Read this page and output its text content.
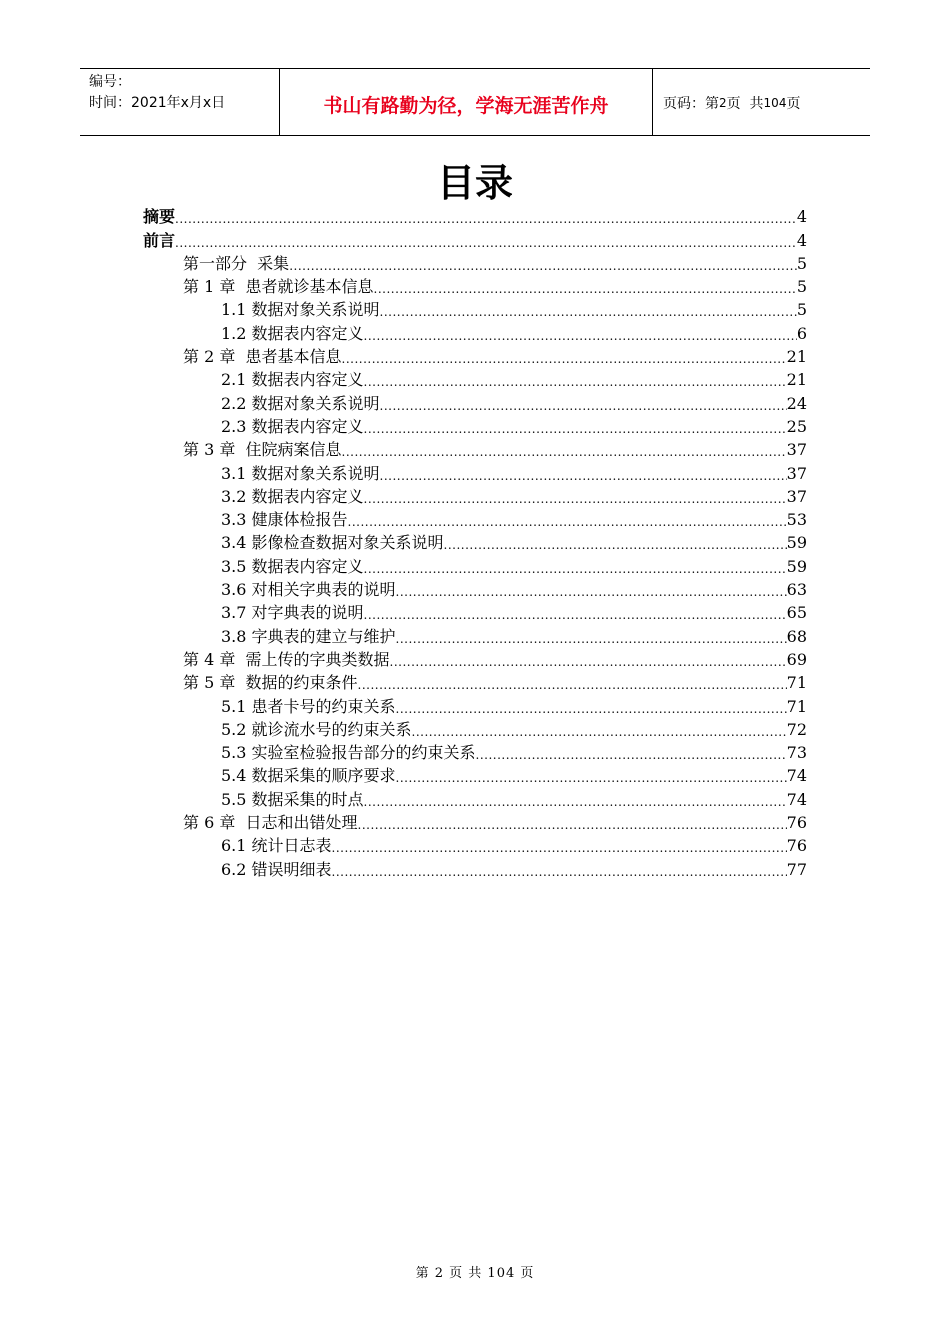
编号：
时间：2021年x月x日	书山有路勤为径，学海无涯苦作舟	页码：第 2 页  共 104 页
目录
摘要 .....	4
前言 .....	4
第一部分  采集 .....	5
第 1 章  患者就诊基本信息 .....	5
1.1 数据对象关系说明 .....	5
1.2 数据表内容定义 .....	6
第 2 章  患者基本信息 .....	21
2.1 数据表内容定义 .....	21
2.2 数据对象关系说明 .....	24
2.3 数据表内容定义 .....	25
第 3 章  住院病案信息 .....	37
3.1 数据对象关系说明 .....	37
3.2 数据表内容定义 .....	37
3.3 健康体检报告 .....	53
3.4 影像检查数据对象关系说明 .....	59
3.5 数据表内容定义 .....	59
3.6 对相关字典表的说明 .....	63
3.7 对字典表的说明 .....	65
3.8 字典表的建立与维护 .....	68
第 4 章  需上传的字典类数据 .....	69
第 5 章  数据的约束条件 .....	71
5.1 患者卡号的约束关系 .....	71
5.2 就诊流水号的约束关系 .....	72
5.3 实验室检验报告部分的约束关系 .....	73
5.4 数据采集的顺序要求 .....	74
5.5 数据采集的时点 .....	74
第 6 章  日志和出错处理 .....	76
6.1 统计日志表 .....	76
6.2 错误明细表 .....	77
第 2 页 共 104 页
